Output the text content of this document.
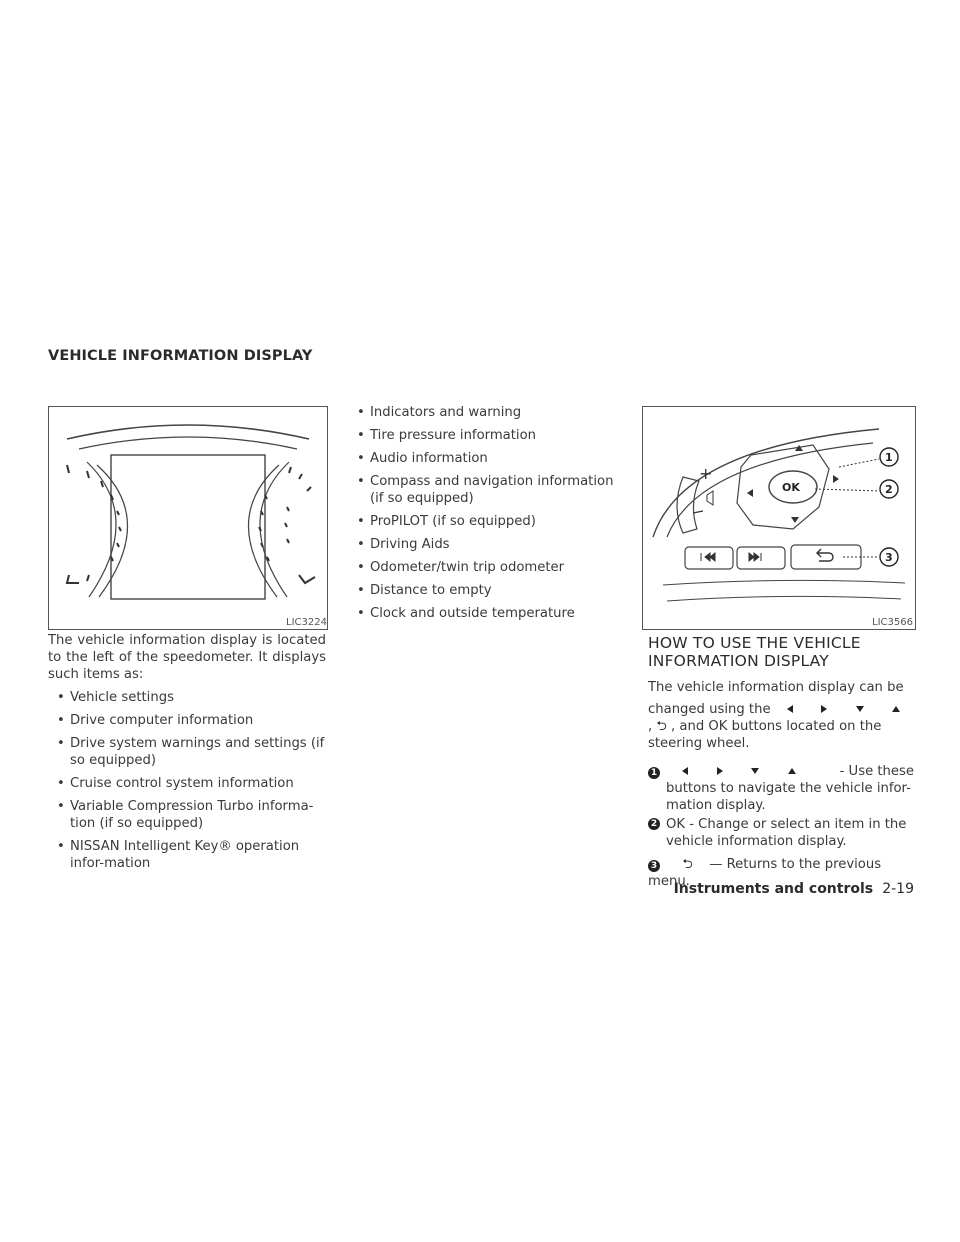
VEHICLE INFORMATION DISPLAY
LIC3224
The vehicle information display is located to the left of the speedometer. It displays such items as:
• Vehicle settings
• Drive computer information
• Drive system warnings and settings (if so equipped)
• Cruise control system information
• Variable Compression Turbo informa-tion (if so equipped)
• NISSAN Intelligent Key® operation infor-mation
• Indicators and warning
• Tire pressure information
• Audio information
• Compass and navigation information (if so equipped)
• ProPILOT (if so equipped)
• Driving Aids
• Odometer/twin trip odometer
• Distance to empty
• Clock and outside temperature
+
OK
1
2
3
LIC3566
HOW TO USE THE VEHICLE
INFORMATION DISPLAY
The vehicle information display can be
changed using the
, ⮌ , and OK buttons located on the
steering wheel.
1	- Use these
buttons to navigate the vehicle infor-
mation display.
2 OK - Change or select an item in the
vehicle information display.
3 ⮌ — Returns to the previous menu.
Instruments and controls 2-19
